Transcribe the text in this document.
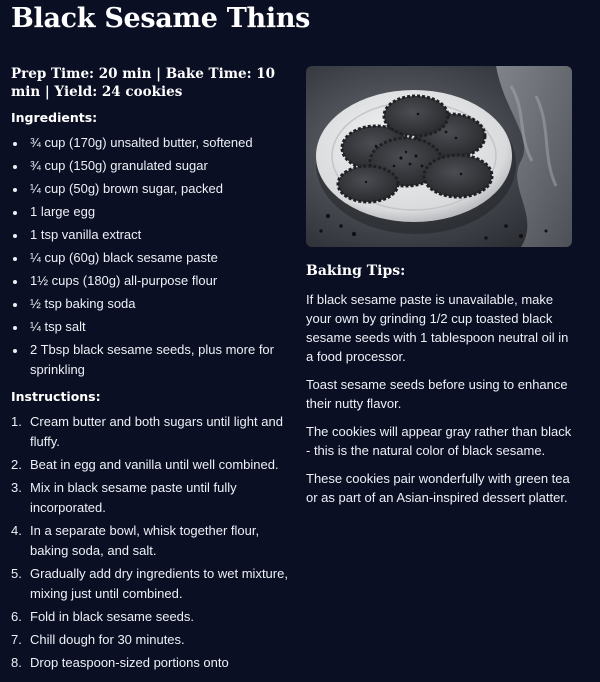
Black Sesame Thins

Prep Time: 20 min | Bake Time: 10 min | Yield: 24 cookies

Ingredients:

¾ cup (170g) unsalted butter, softened
¾ cup (150g) granulated sugar
¼ cup (50g) brown sugar, packed
1 large egg
1 tsp vanilla extract
¼ cup (60g) black sesame paste
1½ cups (180g) all-purpose flour
½ tsp baking soda
¼ tsp salt
2 Tbsp black sesame seeds, plus more for sprinkling

Instructions:

1. Cream butter and both sugars until light and fluffy.
2. Beat in egg and vanilla until well combined.
3. Mix in black sesame paste until fully incorporated.
4. In a separate bowl, whisk together flour, baking soda, and salt.
5. Gradually add dry ingredients to wet mixture, mixing just until combined.
6. Fold in black sesame seeds.
7. Chill dough for 30 minutes.
8. Drop teaspoon-sized portions onto

Baking Tips:

If black sesame paste is unavailable, make your own by grinding 1/2 cup toasted black sesame seeds with 1 tablespoon neutral oil in a food processor.

Toast sesame seeds before using to enhance their nutty flavor.

The cookies will appear gray rather than black - this is the natural color of black sesame.

These cookies pair wonderfully with green tea or as part of an Asian-inspired dessert platter.
